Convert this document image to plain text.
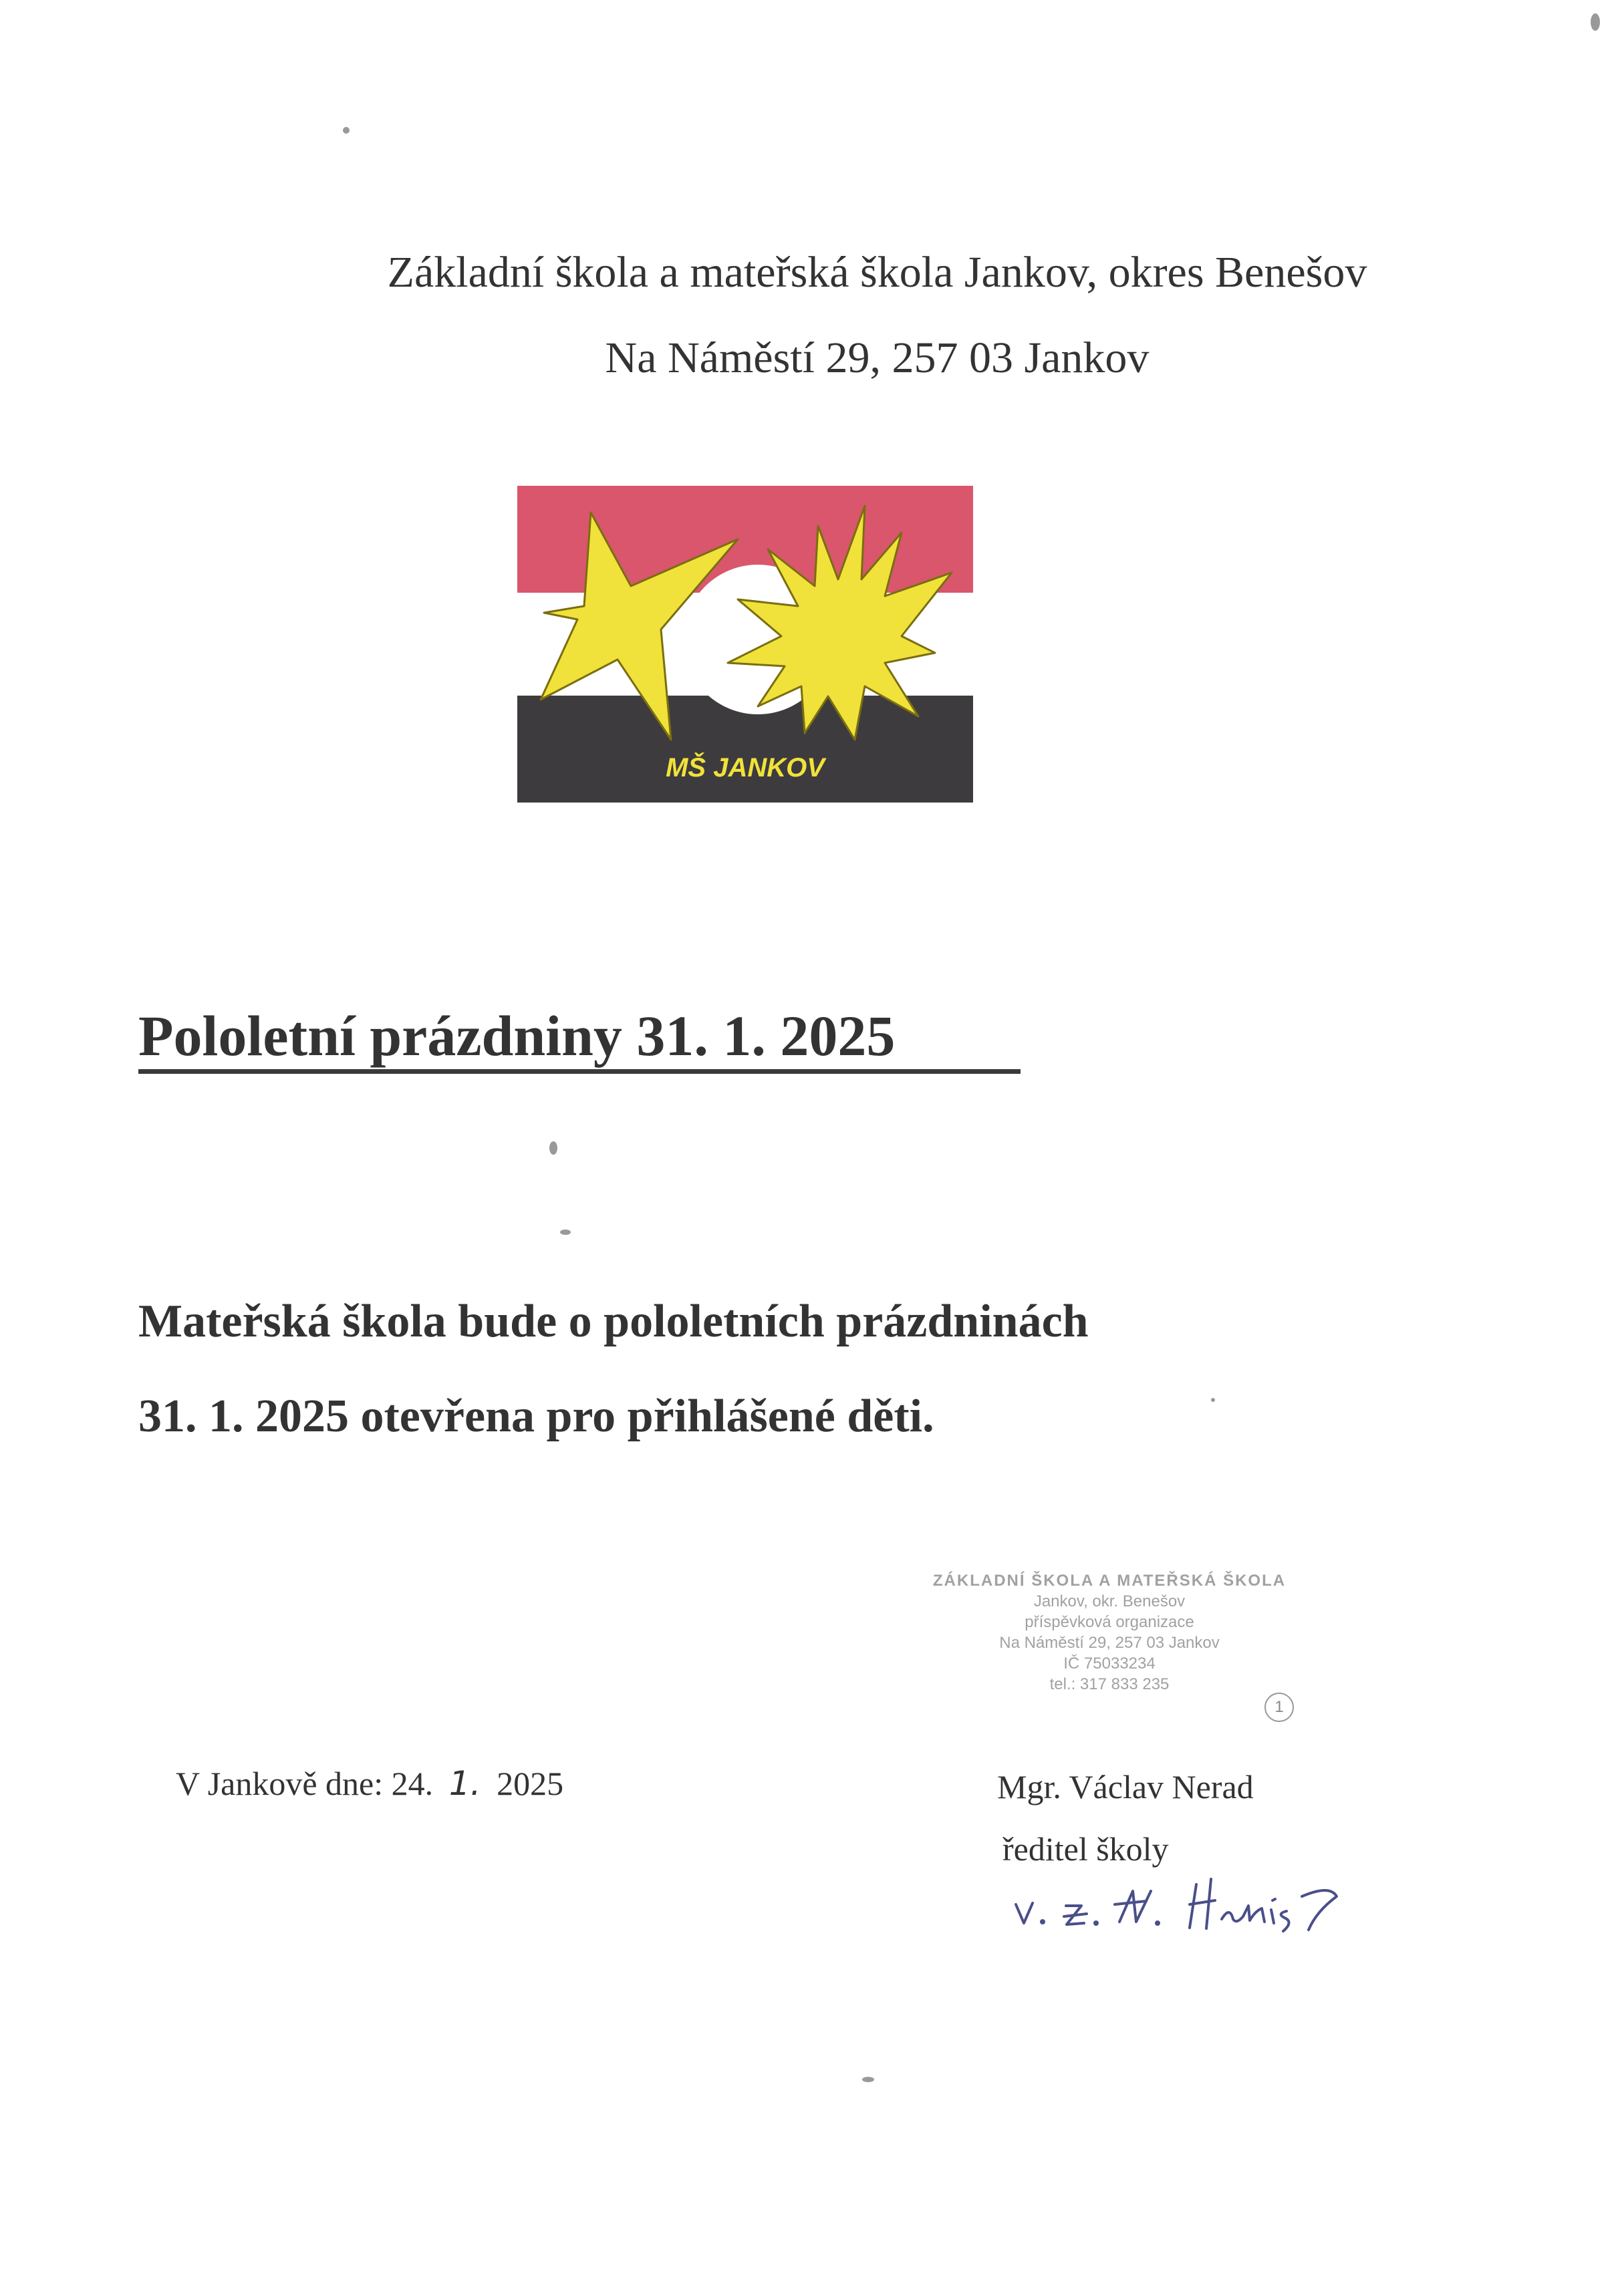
Základní škola a mateřská škola Jankov, okres Benešov
Na Náměstí 29, 257 03 Jankov
MŠ JANKOV
Pololetní prázdniny 31. 1. 2025
Mateřská škola bude o pololetních prázdninách
31. 1. 2025 otevřena pro přihlášené děti.
ZÁKLADNÍ ŠKOLA A MATEŘSKÁ ŠKOLA
Jankov, okr. Benešov
příspěvková organizace
Na Náměstí 29, 257 03 Jankov
IČ 75033234
tel.: 317 833 235
1
V Jankově dne: 24. 1. 2025	Mgr. Václav Nerad
ředitel školy
